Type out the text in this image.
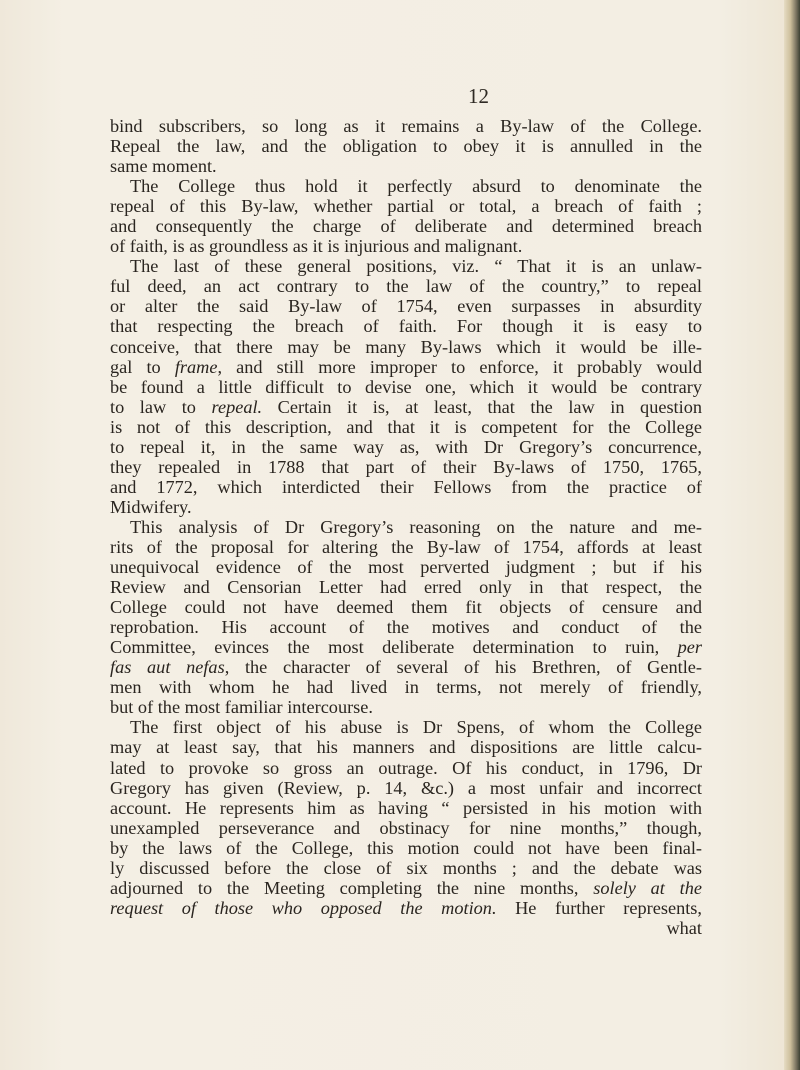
12
bind subscribers, so long as it remains a By-law of the College.
Repeal the law, and the obligation to obey it is annulled in the
same moment.
The College thus hold it perfectly absurd to denominate the
repeal of this By-law, whether partial or total, a breach of faith ;
and consequently the charge of deliberate and determined breach
of faith, is as groundless as it is injurious and malignant.
The last of these general positions, viz. “ That it is an unlaw-
ful deed, an act contrary to the law of the country,” to repeal
or alter the said By-law of 1754, even surpasses in absurdity
that respecting the breach of faith. For though it is easy to
conceive, that there may be many By-laws which it would be ille-
gal to frame, and still more improper to enforce, it probably would
be found a little difficult to devise one, which it would be contrary
to law to repeal. Certain it is, at least, that the law in question
is not of this description, and that it is competent for the College
to repeal it, in the same way as, with Dr Gregory’s concurrence,
they repealed in 1788 that part of their By-laws of 1750, 1765,
and 1772, which interdicted their Fellows from the practice of
Midwifery.
This analysis of Dr Gregory’s reasoning on the nature and me-
rits of the proposal for altering the By-law of 1754, affords at least
unequivocal evidence of the most perverted judgment ; but if his
Review and Censorian Letter had erred only in that respect, the
College could not have deemed them fit objects of censure and
reprobation. His account of the motives and conduct of the
Committee, evinces the most deliberate determination to ruin, per
fas aut nefas, the character of several of his Brethren, of Gentle-
men with whom he had lived in terms, not merely of friendly,
but of the most familiar intercourse.
The first object of his abuse is Dr Spens, of whom the College
may at least say, that his manners and dispositions are little calcu-
lated to provoke so gross an outrage. Of his conduct, in 1796, Dr
Gregory has given (Review, p. 14, &c.) a most unfair and incorrect
account. He represents him as having “ persisted in his motion with
unexampled perseverance and obstinacy for nine months,” though,
by the laws of the College, this motion could not have been final-
ly discussed before the close of six months ; and the debate was
adjourned to the Meeting completing the nine months, solely at the
request of those who opposed the motion. He further represents,
what
